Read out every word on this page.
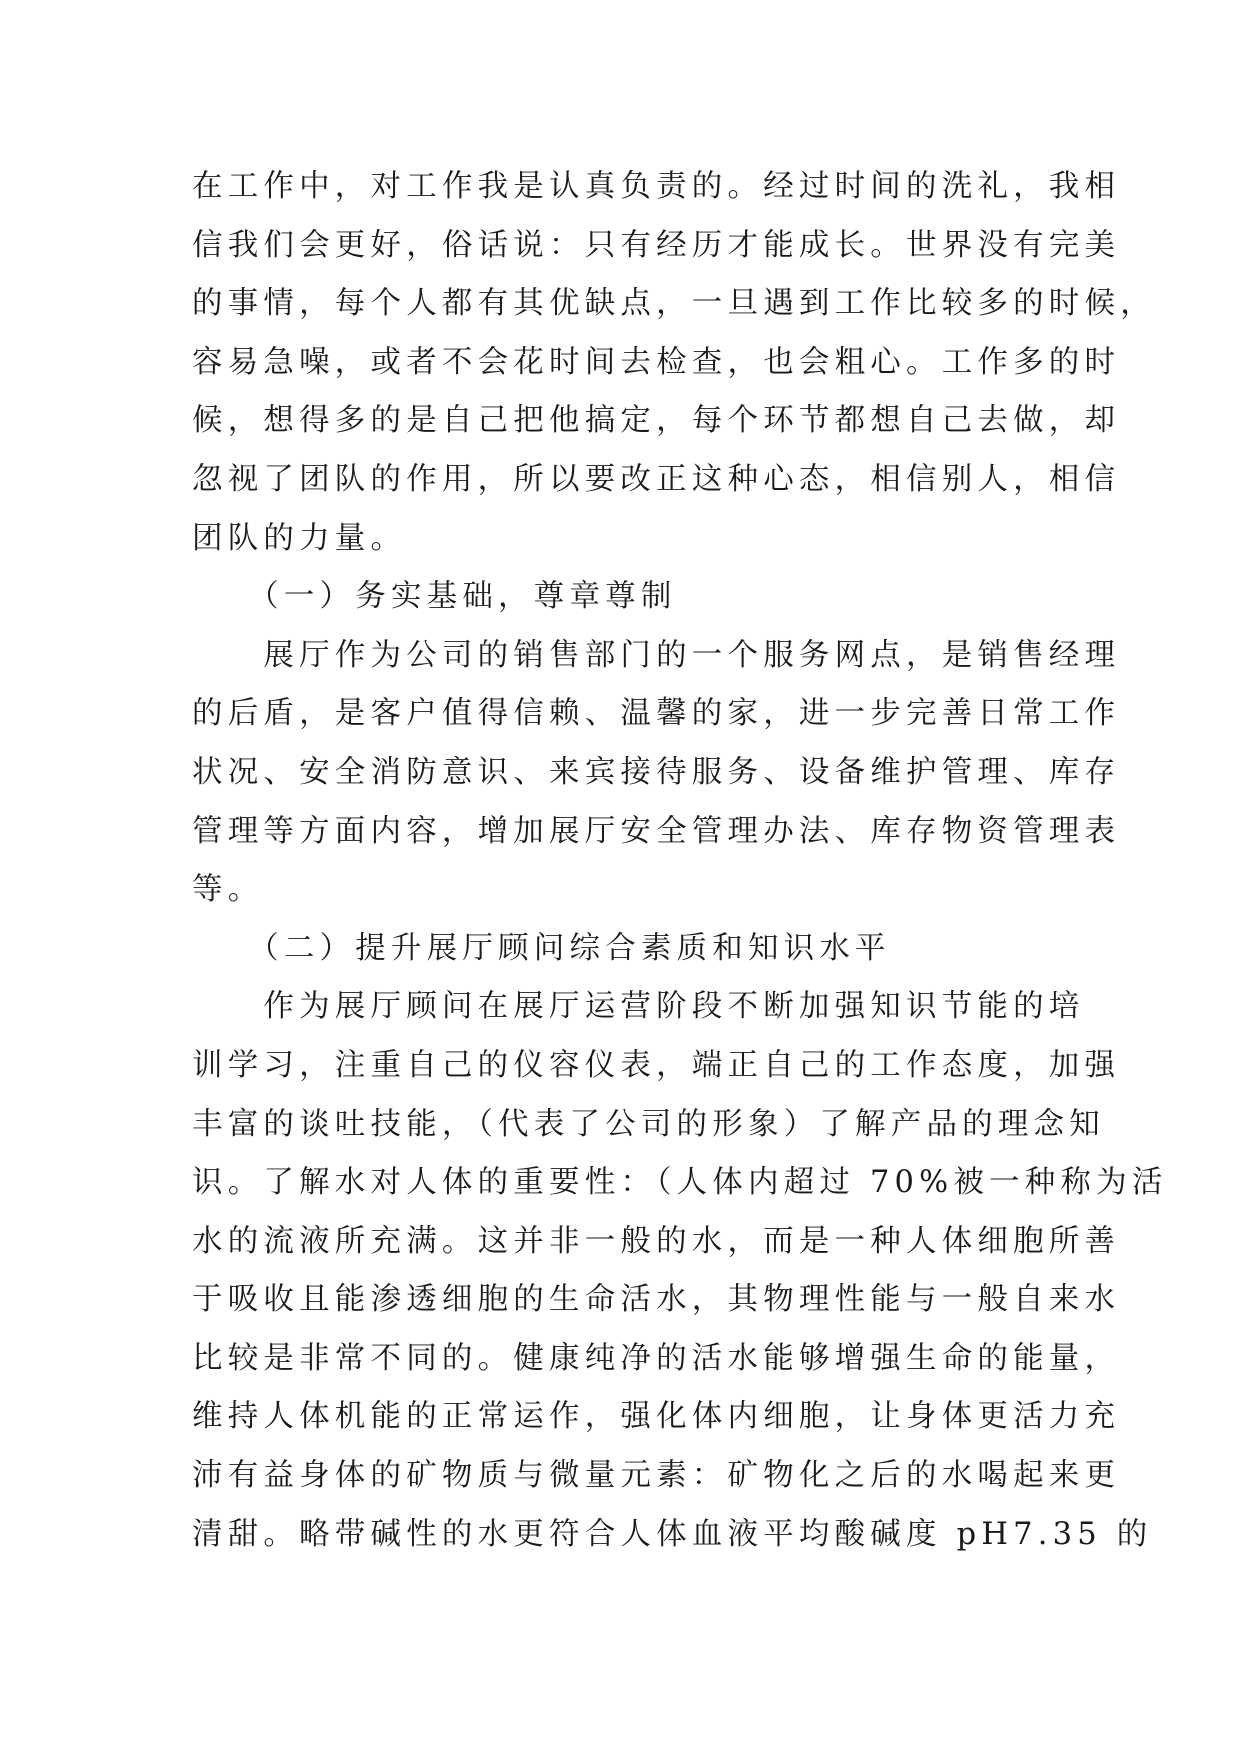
在工作中，对工作我是认真负责的。经过时间的洗礼，我相
信我们会更好，俗话说：只有经历才能成长。世界没有完美
的事情，每个人都有其优缺点，一旦遇到工作比较多的时候，
容易急噪，或者不会花时间去检查，也会粗心。工作多的时
候，想得多的是自己把他搞定，每个环节都想自己去做，却
忽视了团队的作用，所以要改正这种心态，相信别人，相信
团队的力量。
　　（一）务实基础，尊章尊制
　　展厅作为公司的销售部门的一个服务网点，是销售经理
的后盾，是客户值得信赖、温馨的家，进一步完善日常工作
状况、安全消防意识、来宾接待服务、设备维护管理、库存
管理等方面内容，增加展厅安全管理办法、库存物资管理表
等。
　　（二）提升展厅顾问综合素质和知识水平
　　作为展厅顾问在展厅运营阶段不断加强知识节能的培
训学习，注重自己的仪容仪表，端正自己的工作态度，加强
丰富的谈吐技能，（代表了公司的形象）了解产品的理念知
识。了解水对人体的重要性：（人体内超过 70%被一种称为活
水的流液所充满。这并非一般的水，而是一种人体细胞所善
于吸收且能渗透细胞的生命活水，其物理性能与一般自来水
比较是非常不同的。健康纯净的活水能够增强生命的能量，
维持人体机能的正常运作，强化体内细胞，让身体更活力充
沛有益身体的矿物质与微量元素：矿物化之后的水喝起来更
清甜。略带碱性的水更符合人体血液平均酸碱度 pH7.35 的
